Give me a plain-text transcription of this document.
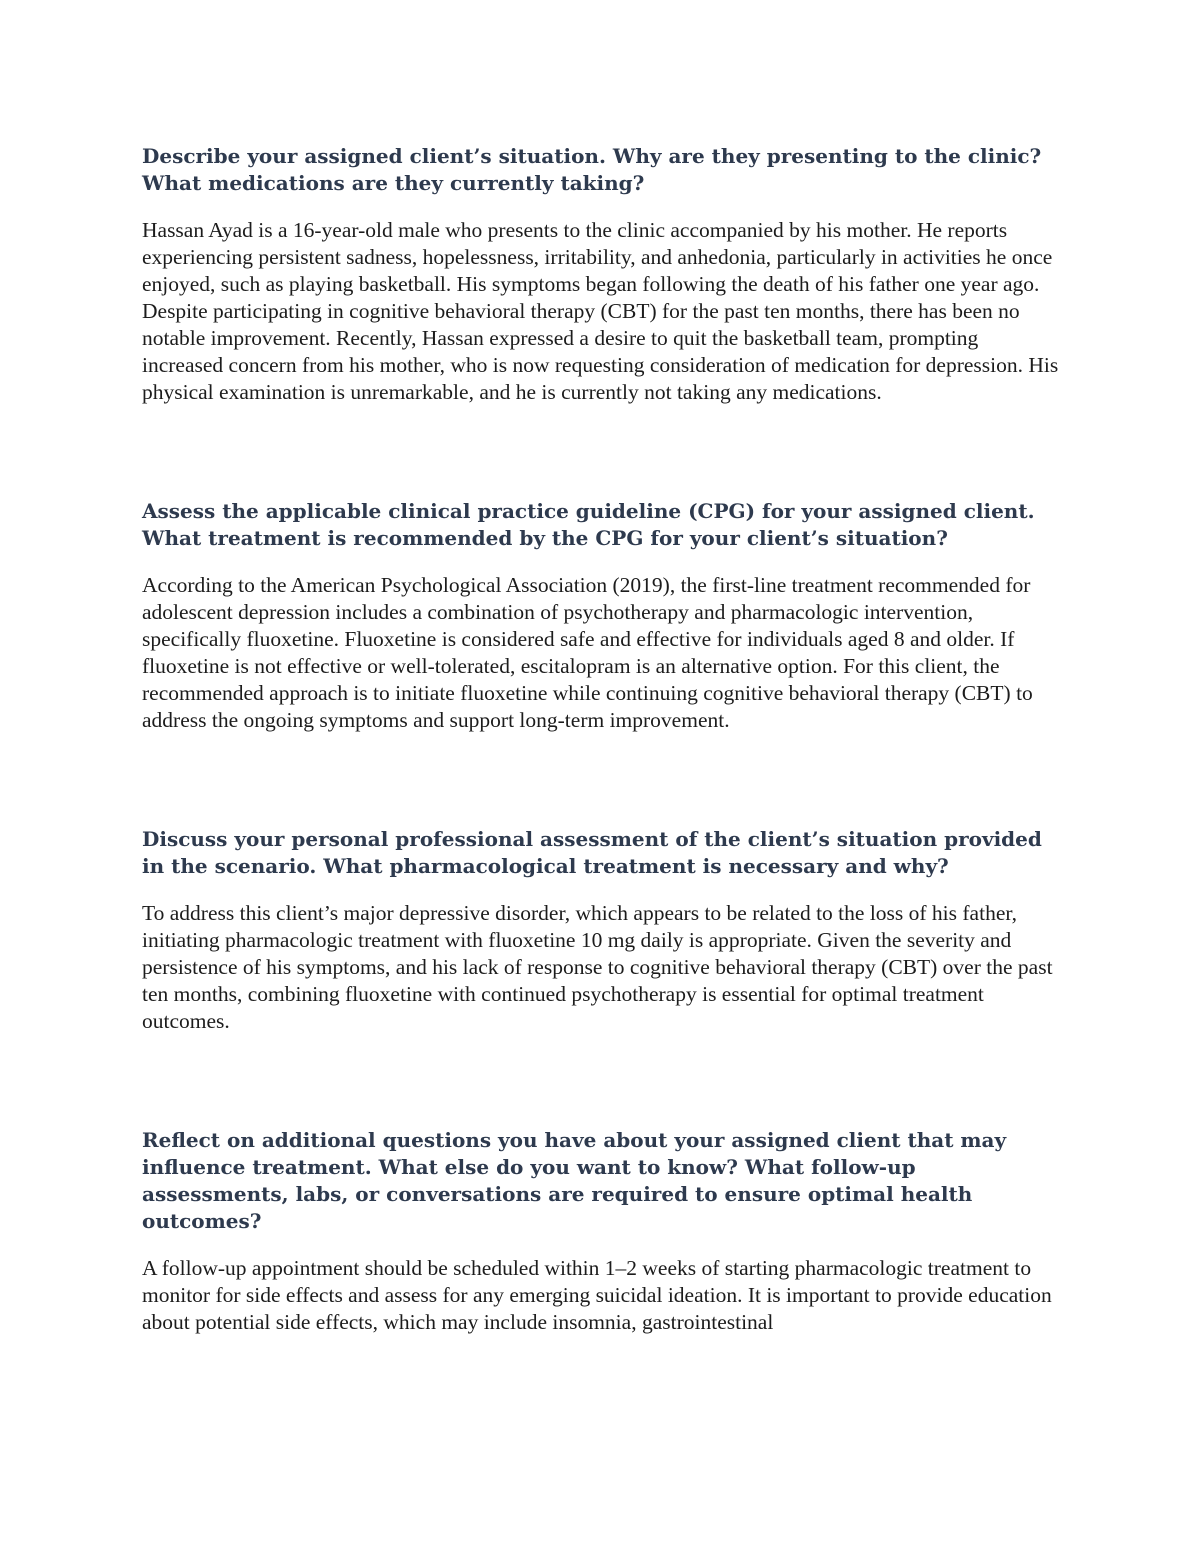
Describe your assigned client’s situation. Why are they presenting to the clinic? What medications are they currently taking?

Hassan Ayad is a 16-year-old male who presents to the clinic accompanied by his mother. He reports experiencing persistent sadness, hopelessness, irritability, and anhedonia, particularly in activities he once enjoyed, such as playing basketball. His symptoms began following the death of his father one year ago. Despite participating in cognitive behavioral therapy (CBT) for the past ten months, there has been no notable improvement. Recently, Hassan expressed a desire to quit the basketball team, prompting increased concern from his mother, who is now requesting consideration of medication for depression. His physical examination is unremarkable, and he is currently not taking any medications.

Assess the applicable clinical practice guideline (CPG) for your assigned client. What treatment is recommended by the CPG for your client’s situation?

According to the American Psychological Association (2019), the first-line treatment recommended for adolescent depression includes a combination of psychotherapy and pharmacologic intervention, specifically fluoxetine. Fluoxetine is considered safe and effective for individuals aged 8 and older. If fluoxetine is not effective or well-tolerated, escitalopram is an alternative option. For this client, the recommended approach is to initiate fluoxetine while continuing cognitive behavioral therapy (CBT) to address the ongoing symptoms and support long-term improvement.

Discuss your personal professional assessment of the client’s situation provided in the scenario. What pharmacological treatment is necessary and why?

To address this client’s major depressive disorder, which appears to be related to the loss of his father, initiating pharmacologic treatment with fluoxetine 10 mg daily is appropriate. Given the severity and persistence of his symptoms, and his lack of response to cognitive behavioral therapy (CBT) over the past ten months, combining fluoxetine with continued psychotherapy is essential for optimal treatment outcomes.

Reflect on additional questions you have about your assigned client that may influence treatment. What else do you want to know? What follow-up assessments, labs, or conversations are required to ensure optimal health outcomes?

A follow-up appointment should be scheduled within 1–2 weeks of starting pharmacologic treatment to monitor for side effects and assess for any emerging suicidal ideation. It is important to provide education about potential side effects, which may include insomnia, gastrointestinal
